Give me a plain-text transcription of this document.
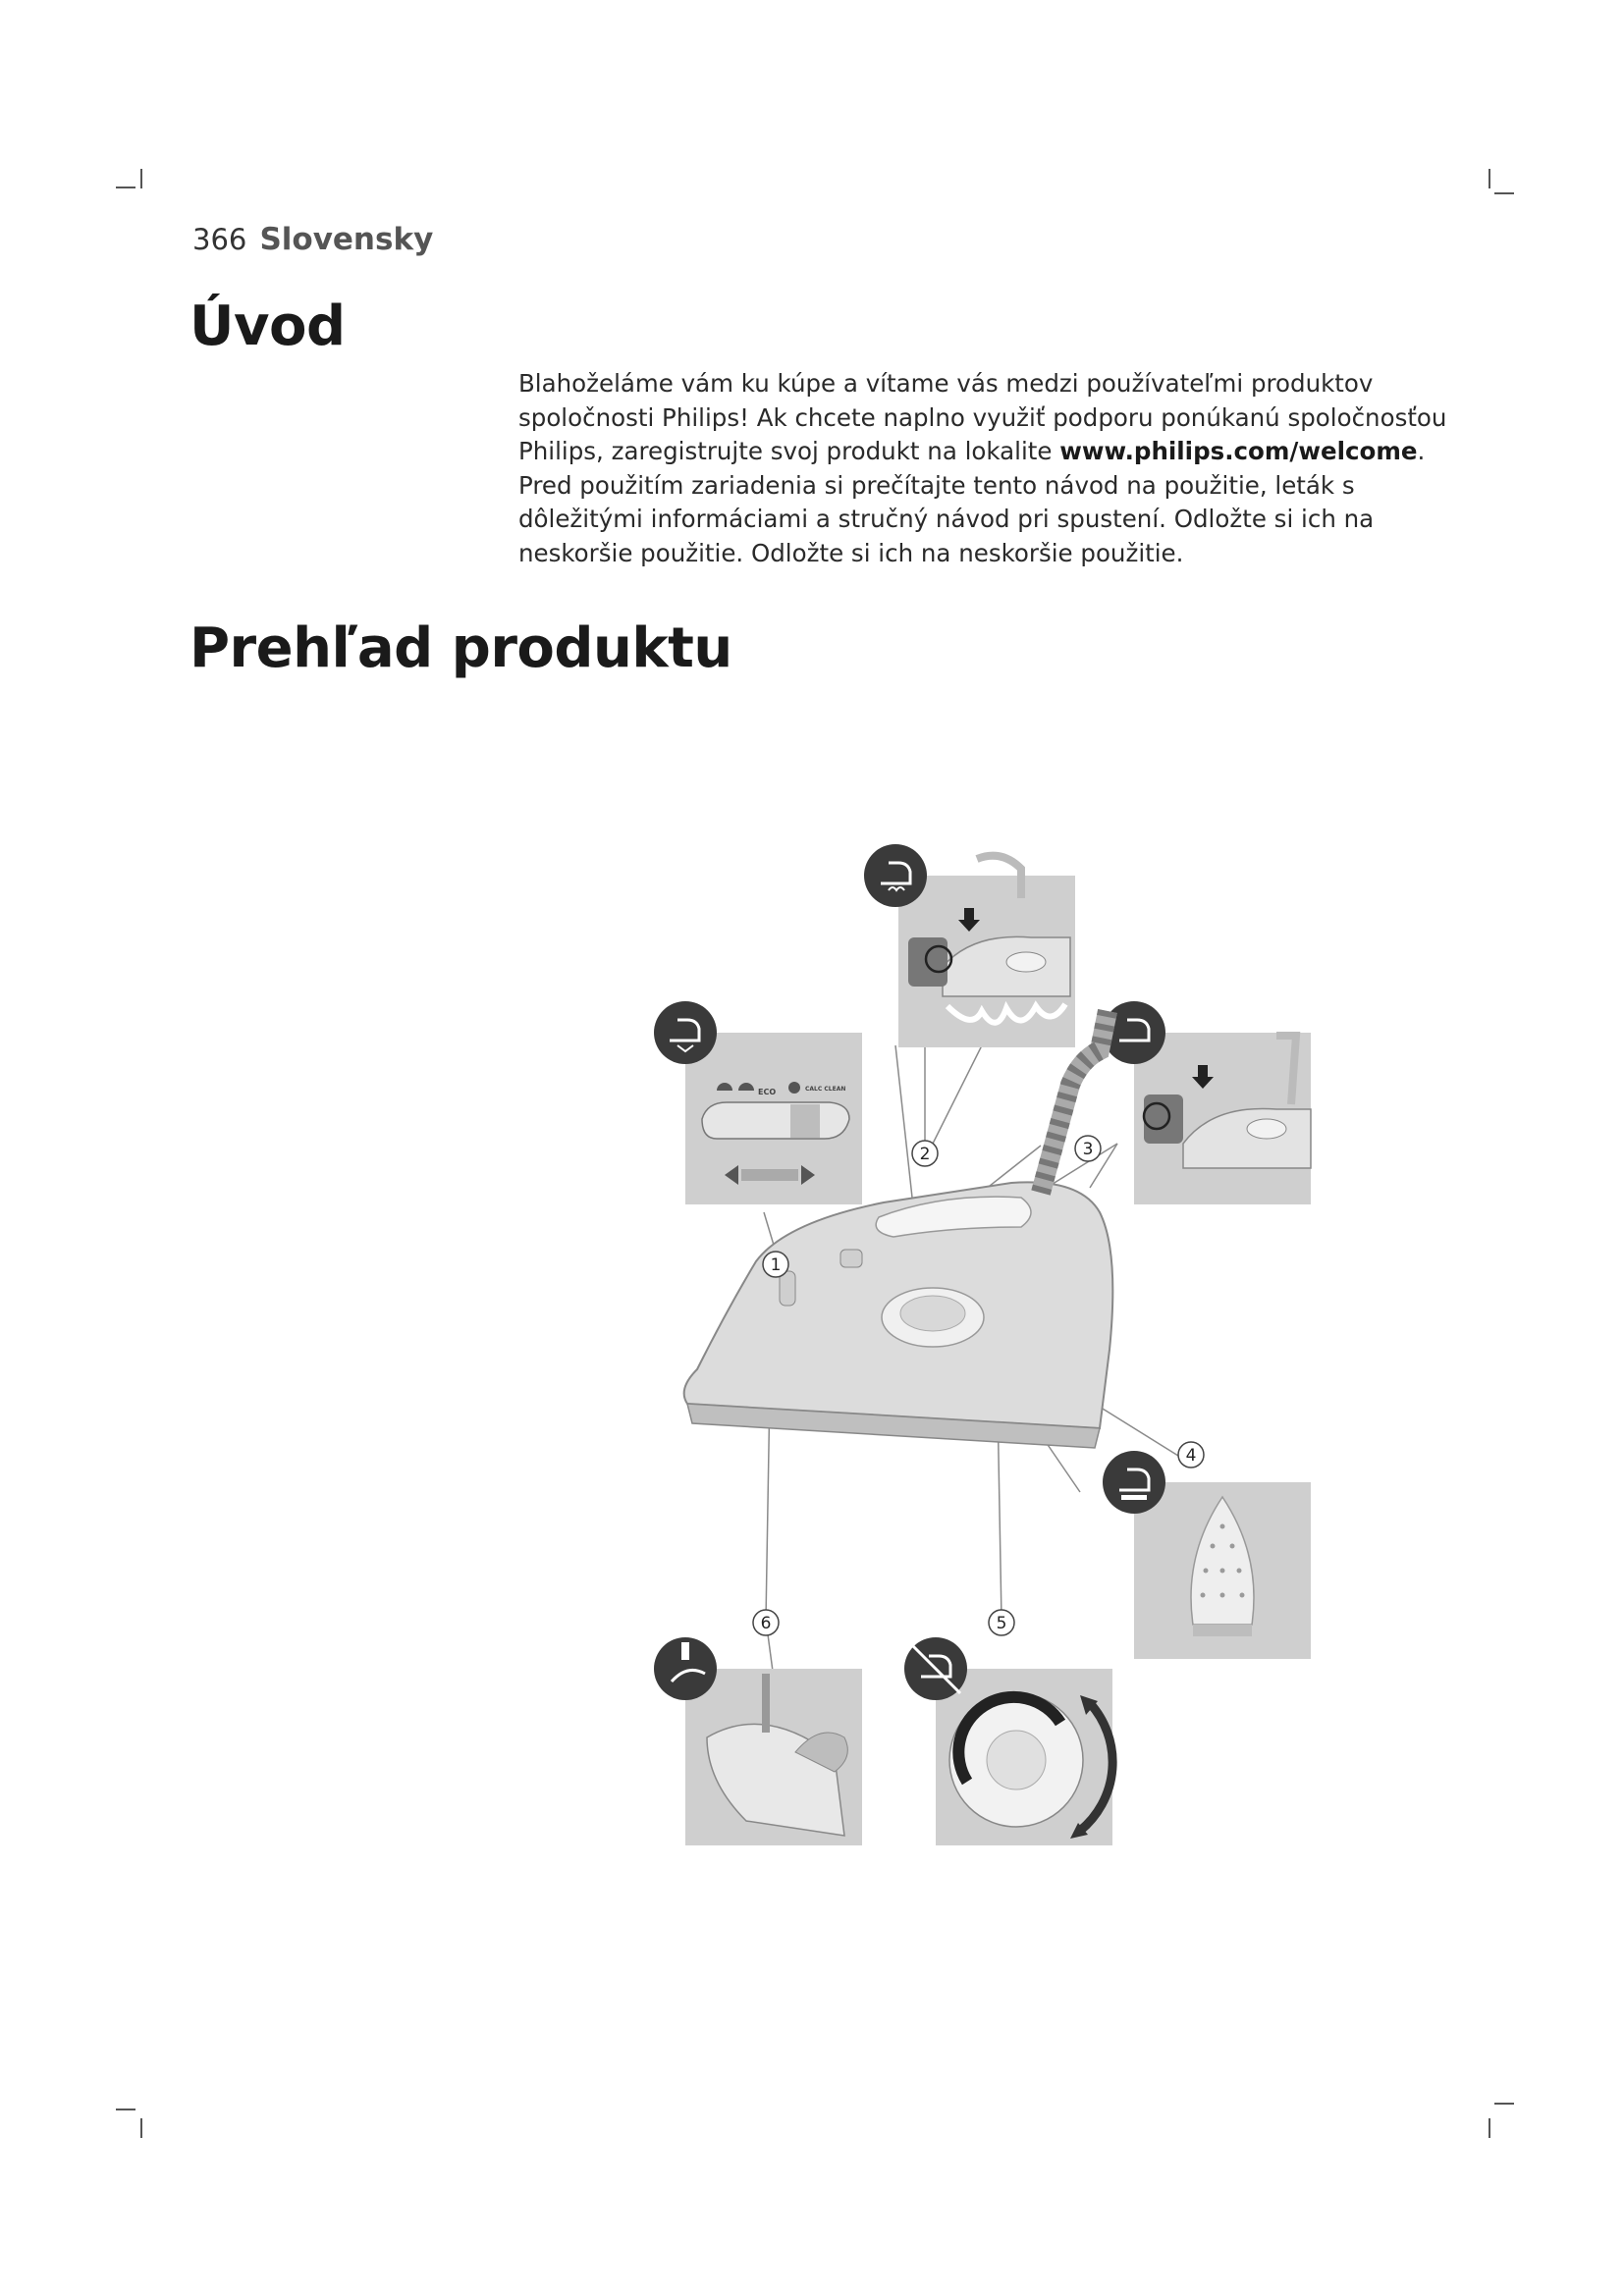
366 Slovensky
Úvod

Blahoželáme vám ku kúpe a vítame vás medzi používateľmi produktov spoločnosti Philips! Ak chcete naplno využiť podporu ponúkanú spoločnosťou Philips, zaregistrujte svoj produkt na lokalite www.philips.com/welcome. Pred použitím zariadenia si prečítajte tento návod na použitie, leták s dôležitými informáciami a stručný návod pri spustení. Odložte si ich na neskoršie použitie. Odložte si ich na neskoršie použitie.

Prehľad produktu
ECO	CALC CLEAN
1
2	3
4
5
6
